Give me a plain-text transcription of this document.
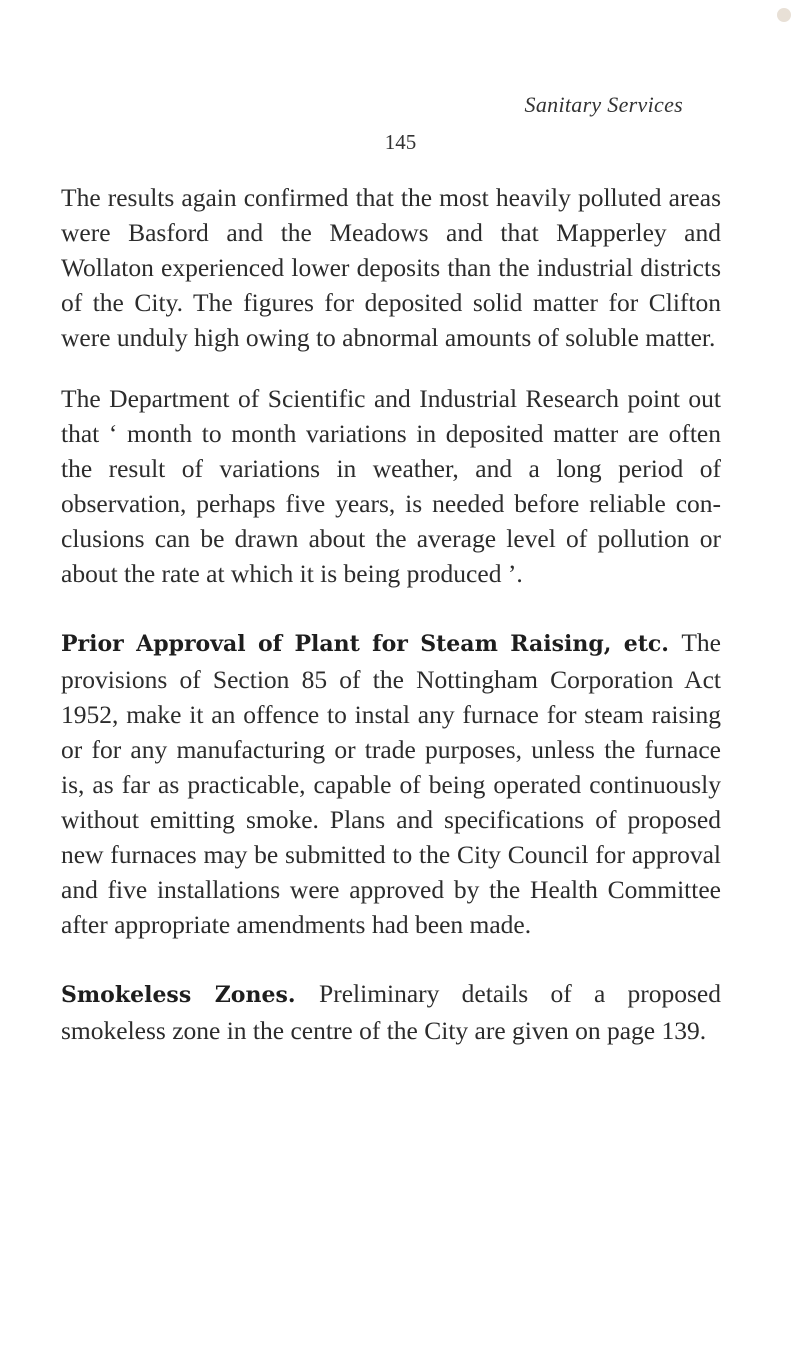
Sanitary Services
145

The results again confirmed that the most heavily polluted areas were Basford and the Meadows and that Mapperley and Wollaton experienced lower deposits than the industrial districts of the City. The figures for deposited solid matter for Clifton were unduly high owing to abnormal amounts of soluble matter.

The Department of Scientific and Industrial Research point out that ‘ month to month variations in deposited matter are often the result of variations in weather, and a long period of observation, perhaps five years, is needed before reliable con- clusions can be drawn about the average level of pollution or about the rate at which it is being produced ’.

Prior Approval of Plant for Steam Raising, etc. The provisions of Section 85 of the Nottingham Corporation Act 1952, make it an offence to instal any furnace for steam raising or for any manufacturing or trade purposes, unless the furnace is, as far as practicable, capable of being operated continuously without emitting smoke. Plans and specifications of proposed new furnaces may be submitted to the City Council for approval and five installations were approved by the Health Committee after appropriate amendments had been made.

Smokeless Zones. Preliminary details of a proposed smokeless zone in the centre of the City are given on page 139.
